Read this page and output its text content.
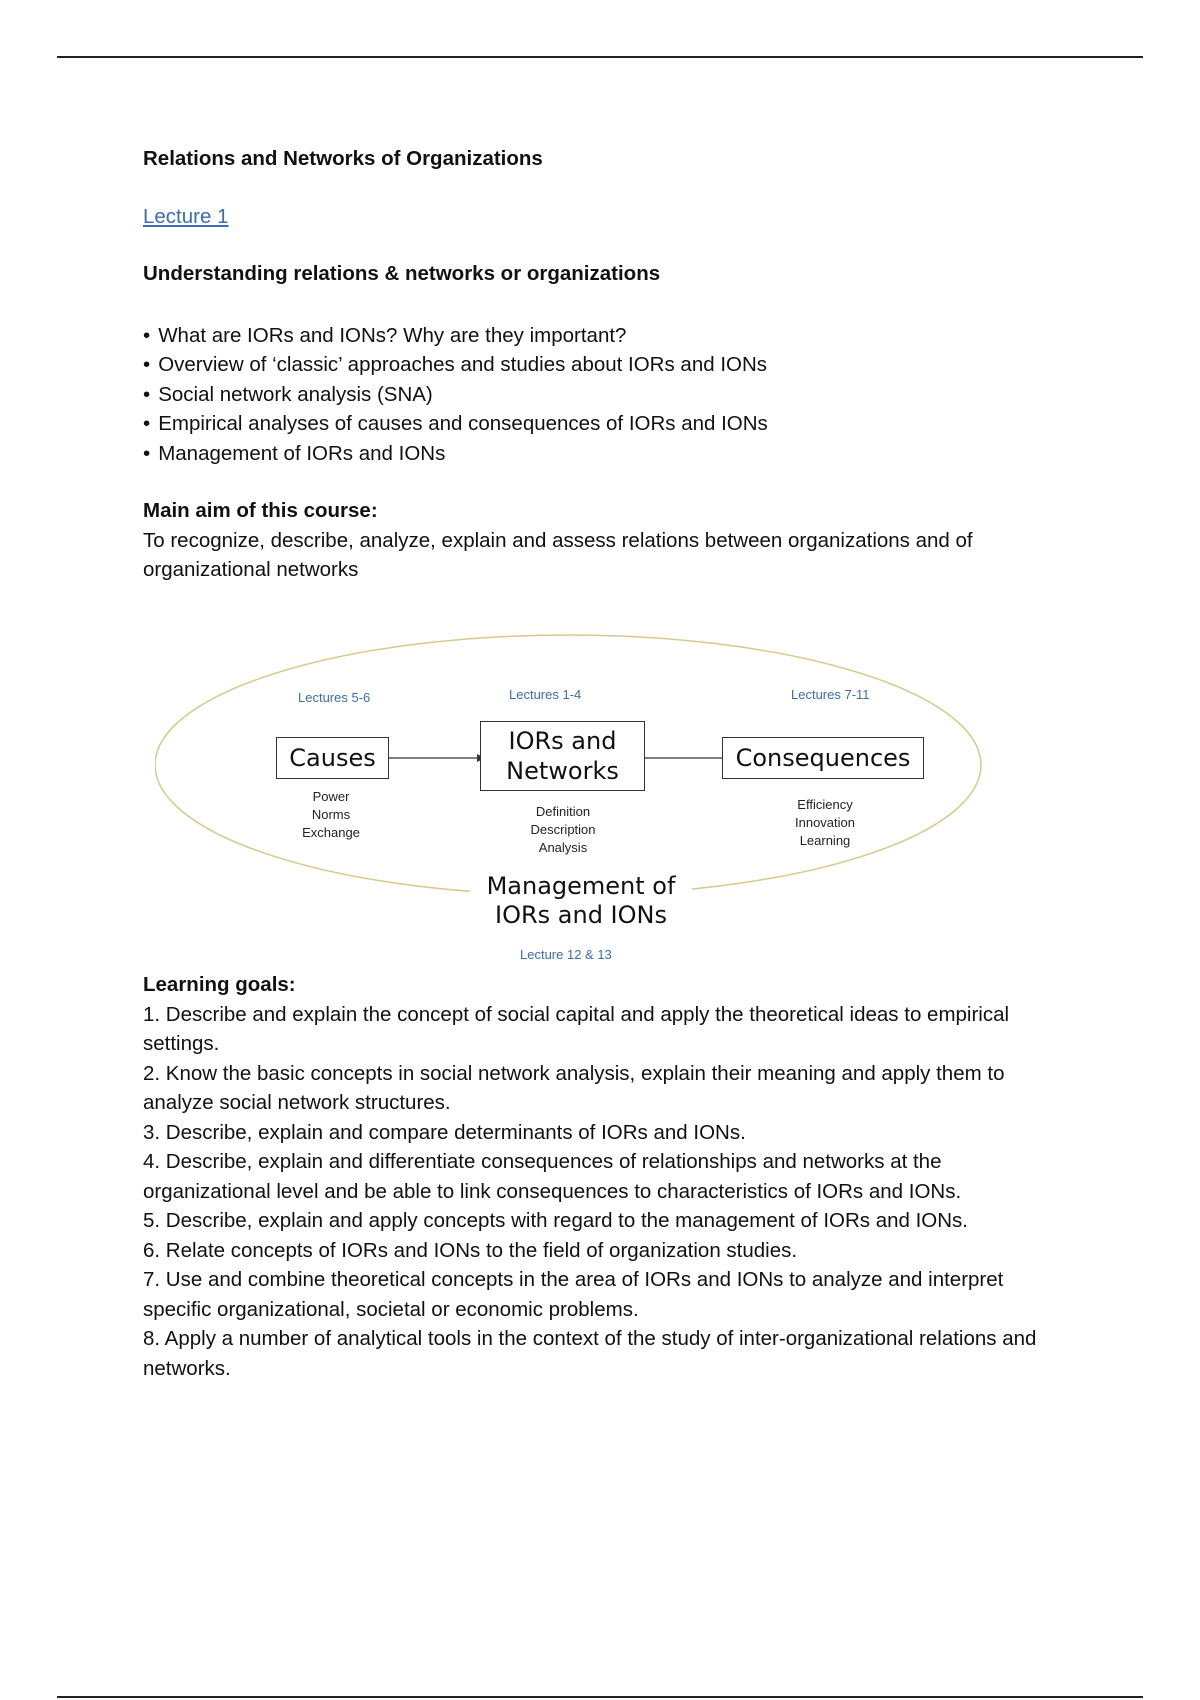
Relations and Networks of Organizations

Lecture 1

Understanding relations & networks or organizations

• What are IORs and IONs? Why are they important?
• Overview of ‘classic’ approaches and studies about IORs and IONs
• Social network analysis (SNA)
• Empirical analyses of causes and consequences of IORs and IONs
• Management of IORs and IONs

Main aim of this course:

To recognize, describe, analyze, explain and assess relations between organizations and of organizational networks

Lectures 5-6	Lectures 1-4	Lectures 7-11
Causes
IORs and
Networks	Consequences
Power
Norms
Exchange
Definition
Description
Analysis
Efficiency
Innovation
Learning
Management of
IORs and IONs
Lecture 12 & 13

Learning goals:

1. Describe and explain the concept of social capital and apply the theoretical ideas to empirical settings.
2. Know the basic concepts in social network analysis, explain their meaning and apply them to analyze social network structures.
3. Describe, explain and compare determinants of IORs and IONs.
4. Describe, explain and differentiate consequences of relationships and networks at the organizational level and be able to link consequences to characteristics of IORs and IONs.
5. Describe, explain and apply concepts with regard to the management of IORs and IONs.
6. Relate concepts of IORs and IONs to the field of organization studies.
7. Use and combine theoretical concepts in the area of IORs and IONs to analyze and interpret specific organizational, societal or economic problems.
8. Apply a number of analytical tools in the context of the study of inter-organizational relations and networks.
